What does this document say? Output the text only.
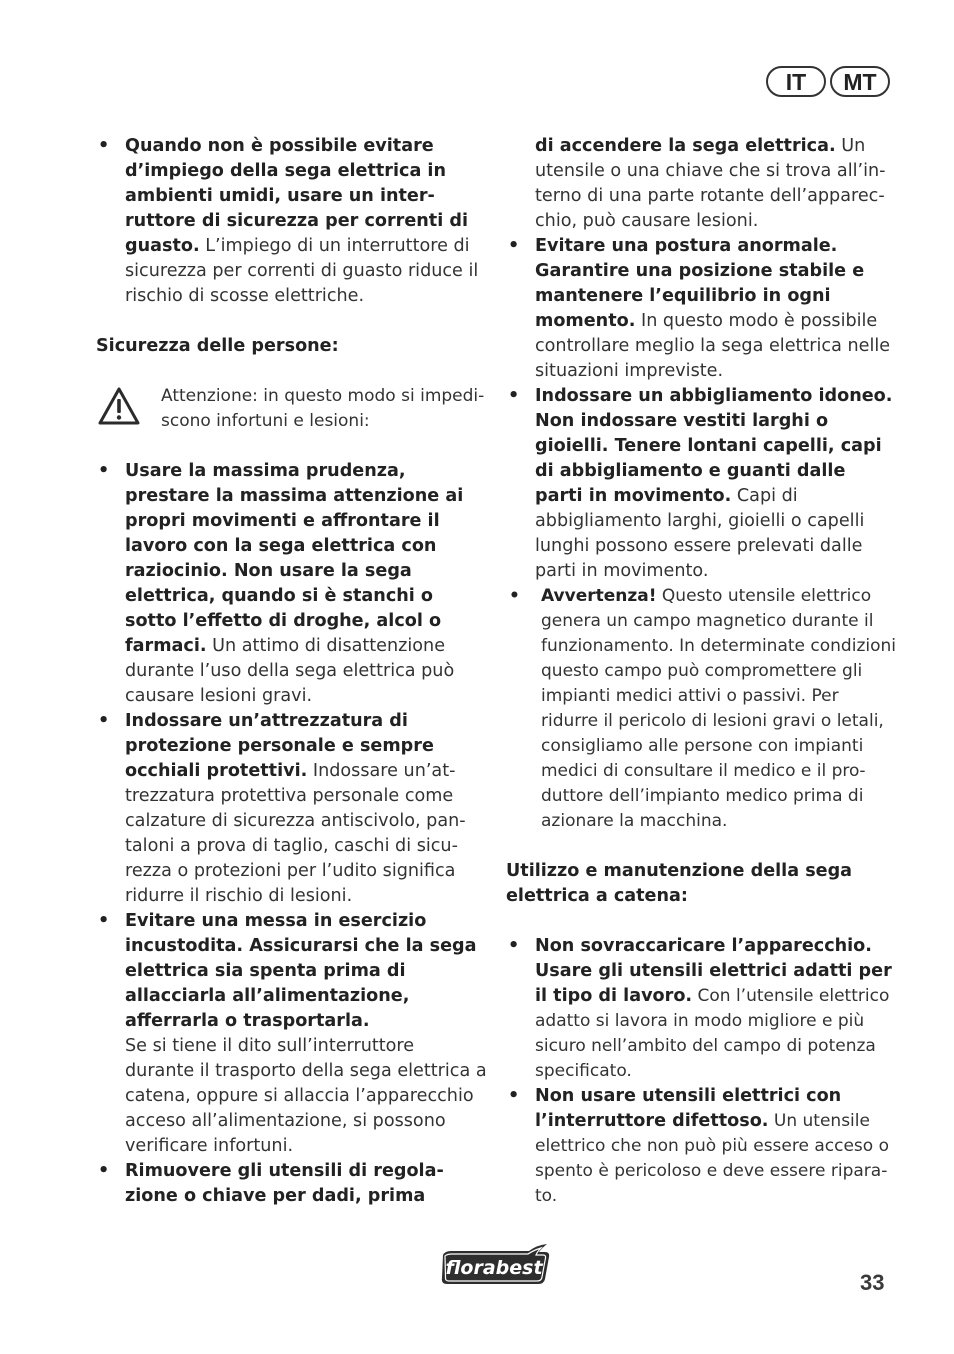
IT	MT

• Quando non è possibile evitare d’impiego della sega elettrica in ambienti umidi, usare un interruttore di sicurezza per correnti di guasto. L’impiego di un interruttore di sicurezza per correnti di guasto riduce il rischio di scosse elettriche.

Sicurezza delle persone:

Attenzione: in questo modo si impediscono infortuni e lesioni:

• Usare la massima prudenza, prestare la massima attenzione ai propri movimenti e affrontare il lavoro con la sega elettrica con raziocinio. Non usare la sega elettrica, quando si è stanchi o sotto l’effetto di droghe, alcol o farmaci. Un attimo di disattenzione durante l’uso della sega elettrica può causare lesioni gravi.

• Indossare un’attrezzatura di protezione personale e sempre occhiali protettivi. Indossare un’attrezzatura protettiva personale come calzature di sicurezza antiscivolo, pantaloni a prova di taglio, caschi di sicurezza o protezioni per l’udito significa ridurre il rischio di lesioni.

• Evitare una messa in esercizio incustodita. Assicurarsi che la sega elettrica sia spenta prima di allacciarla all’alimentazione, afferrarla o trasportarla.
Se si tiene il dito sull’interruttore durante il trasporto della sega elettrica a catena, oppure si allaccia l’apparecchio acceso all’alimentazione, si possono verificare infortuni.

• Rimuovere gli utensili di regolazione o chiave per dadi, prima

di accendere la sega elettrica. Un utensile o una chiave che si trova all’interno di una parte rotante dell’apparecchio, può causare lesioni.

• Evitare una postura anormale. Garantire una posizione stabile e mantenere l’equilibrio in ogni momento. In questo modo è possibile controllare meglio la sega elettrica nelle situazioni impreviste.

• Indossare un abbigliamento idoneo. Non indossare vestiti larghi o gioielli. Tenere lontani capelli, capi di abbigliamento e guanti dalle parti in movimento. Capi di abbigliamento larghi, gioielli o capelli lunghi possono essere prelevati dalle parti in movimento.

• Avvertenza! Questo utensile elettrico genera un campo magnetico durante il funzionamento. In determinate condizioni questo campo può compromettere gli impianti medici attivi o passivi. Per ridurre il pericolo di lesioni gravi o letali, consigliamo alle persone con impianti medici di consultare il medico e il produttore dell’impianto medico prima di azionare la macchina.

Utilizzo e manutenzione della sega elettrica a catena:

• Non sovraccaricare l’apparecchio. Usare gli utensili elettrici adatti per il tipo di lavoro. Con l’utensile elettrico adatto si lavora in modo migliore e più sicuro nell’ambito del campo di potenza specificato.

• Non usare utensili elettrici con l’interruttore difettoso. Un utensile elettrico che non può più essere acceso o spento è pericoloso e deve essere riparato.

florabest
33
